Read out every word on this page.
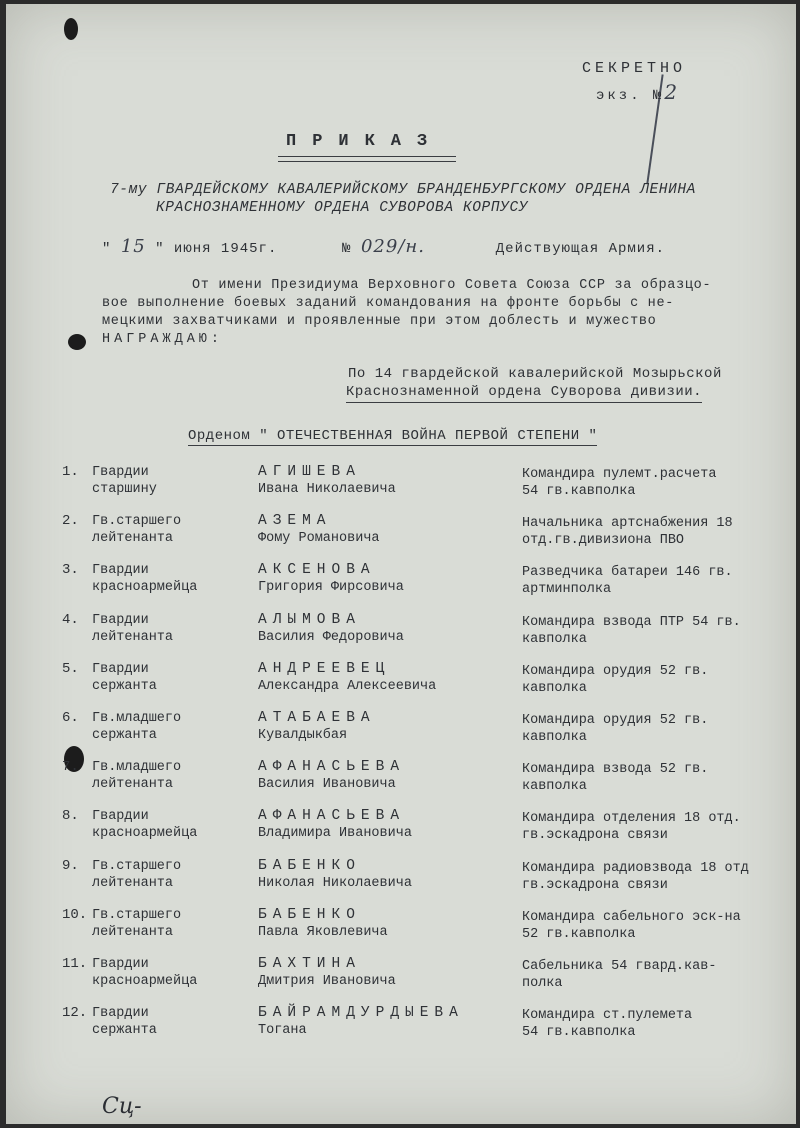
СЕКРЕТНО
экз. №2
ПРИКАЗ
7-му ГВАРДЕЙСКОМУ КАВАЛЕРИЙСКОМУ БРАНДЕНБУРГСКОМУ ОРДЕНА ЛЕНИНА
КРАСНОЗНАМЕННОМУ ОРДЕНА СУВОРОВА КОРПУСУ
" 15 " июня 1945г.	№ 029/н.	Действующая Армия.
От имени Президиума Верховного Совета Союза ССР за образцо-
вое выполнение боевых заданий командования на фронте борьбы с не-
мецкими захватчиками и проявленные при этом доблесть и мужество
НАГРАЖДАЮ:
По 14 гвардейской кавалерийской Мозырьской
Краснознаменной ордена Суворова дивизии.
Орденом " ОТЕЧЕСТВЕННАЯ ВОЙНА ПЕРВОЙ СТЕПЕНИ "
1. Гвардии
старшину
АГИШЕВА
Ивана Николаевича
Командира пулемт.расчета
54 гв.кавполка
2. Гв.старшего
лейтенанта
АЗЕМА
Фому Романовича
Начальника артснабжения 18
отд.гв.дивизиона ПВО
3. Гвардии
красноармейца
АКСЕНОВА
Григория Фирсовича
Разведчика батареи 146 гв.
артминполка
4. Гвардии
лейтенанта
АЛЫМОВА
Василия Федоровича
Командира взвода ПТР 54 гв.
кавполка
5. Гвардии
сержанта
АНДРЕЕВЕЦ
Александра Алексеевича
Командира орудия 52 гв.
кавполка
6. Гв.младшего
сержанта
АТАБАЕВА
Кувалдыкбая
Командира орудия 52 гв.
кавполка
7. Гв.младшего
лейтенанта
АФАНАСЬЕВА
Василия Ивановича
Командира взвода 52 гв.
кавполка
8. Гвардии
красноармейца
АФАНАСЬЕВА
Владимира Ивановича
Командира отделения 18 отд.
гв.эскадрона связи
9. Гв.старшего
лейтенанта
БАБЕНКО
Николая Николаевича
Командира радиовзвода 18 отд
гв.эскадрона связи
10. Гв.старшего
лейтенанта
БАБЕНКО
Павла Яковлевича
Командира сабельного эск-на
52 гв.кавполка
11. Гвардии
красноармейца
БАХТИНА
Дмитрия Ивановича
Сабельника 54 гвард.кав-
полка
12. Гвардии
сержанта
БАЙРАМДУРДЫЕВА
Тогана
Командира ст.пулемета
54 гв.кавполка
Сц-
